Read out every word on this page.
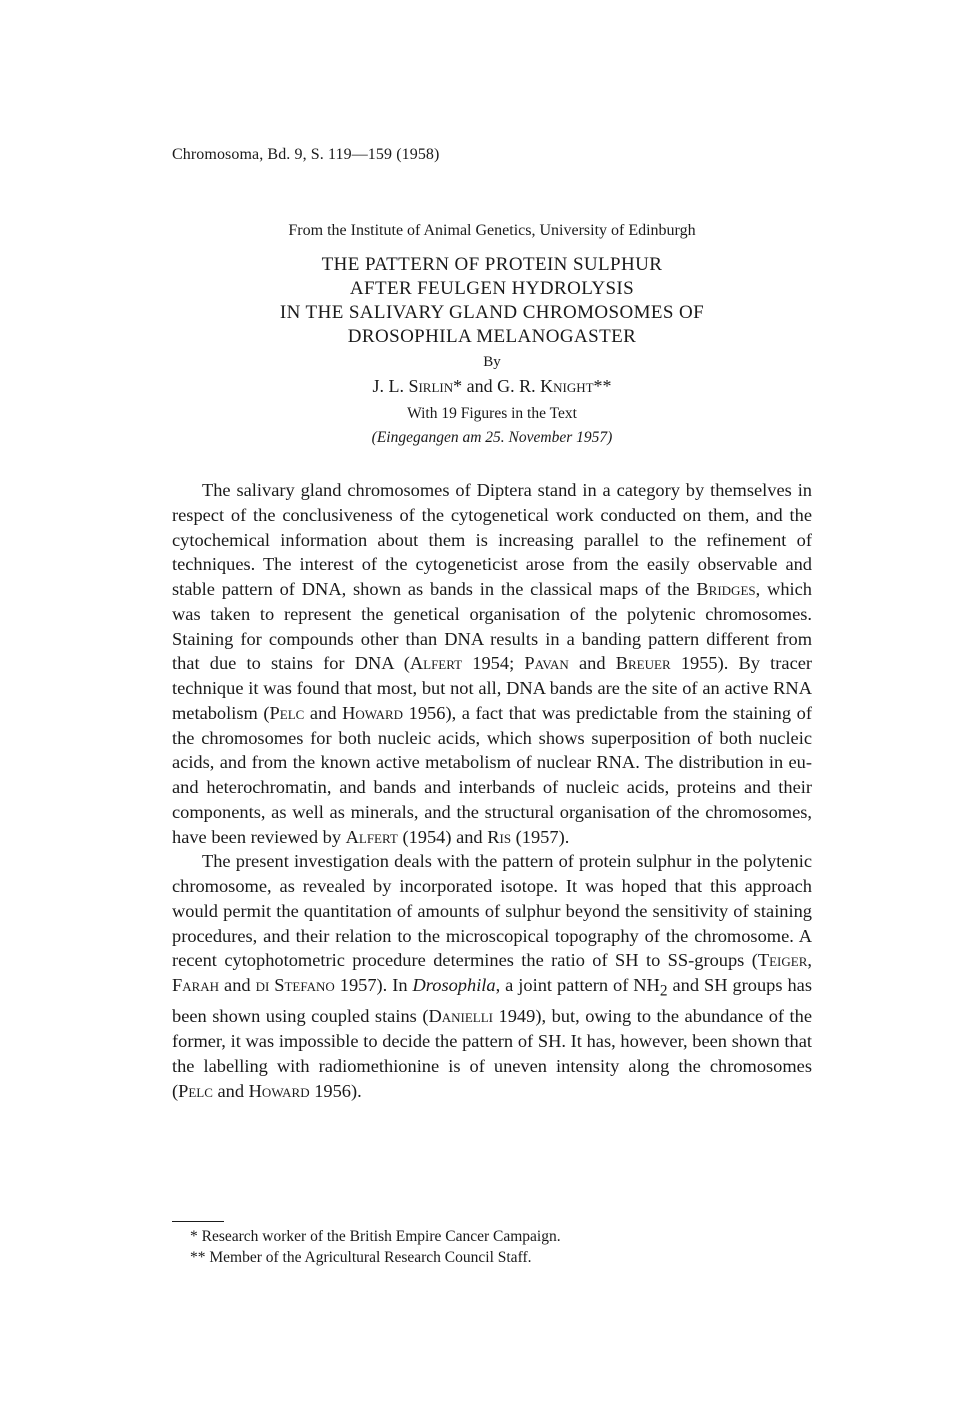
Chromosoma, Bd. 9, S. 119—159 (1958)
From the Institute of Animal Genetics, University of Edinburgh
THE PATTERN OF PROTEIN SULPHUR
AFTER FEULGEN HYDROLYSIS
IN THE SALIVARY GLAND CHROMOSOMES OF
DROSOPHILA MELANOGASTER
By
J. L. Sirlin* and G. R. Knight**
With 19 Figures in the Text
(Eingegangen am 25. November 1957)

The salivary gland chromosomes of Diptera stand in a category by themselves in respect of the conclusiveness of the cytogenetical work conducted on them, and the cytochemical information about them is increasing parallel to the refinement of techniques. The interest of the cytogeneticist arose from the easily observable and stable pattern of DNA, shown as bands in the classical maps of the Bridges, which was taken to represent the genetical organisation of the polytenic chromosomes. Staining for compounds other than DNA results in a banding pattern different from that due to stains for DNA (Alfert 1954; Pavan and Breuer 1955). By tracer technique it was found that most, but not all, DNA bands are the site of an active RNA metabolism (Pelc and Howard 1956), a fact that was predictable from the staining of the chromosomes for both nucleic acids, which shows superposition of both nucleic acids, and from the known active metabolism of nuclear RNA. The distribution in eu- and heterochromatin, and bands and interbands of nucleic acids, proteins and their components, as well as minerals, and the structural organisation of the chromosomes, have been reviewed by Alfert (1954) and Ris (1957).

The present investigation deals with the pattern of protein sulphur in the polytenic chromosome, as revealed by incorporated isotope. It was hoped that this approach would permit the quantitation of amounts of sulphur beyond the sensitivity of staining procedures, and their relation to the microscopical topography of the chromosome. A recent cytophotometric procedure determines the ratio of SH to SS-groups (Teiger, Farah and di Stefano 1957). In Drosophila, a joint pattern of $NH_2$ and SH groups has been shown using coupled stains (Danielli 1949), but, owing to the abundance of the former, it was impossible to decide the pattern of SH. It has, however, been shown that the labelling with radiomethionine is of uneven intensity along the chromosomes (Pelc and Howard 1956).

* Research worker of the British Empire Cancer Campaign.
** Member of the Agricultural Research Council Staff.
